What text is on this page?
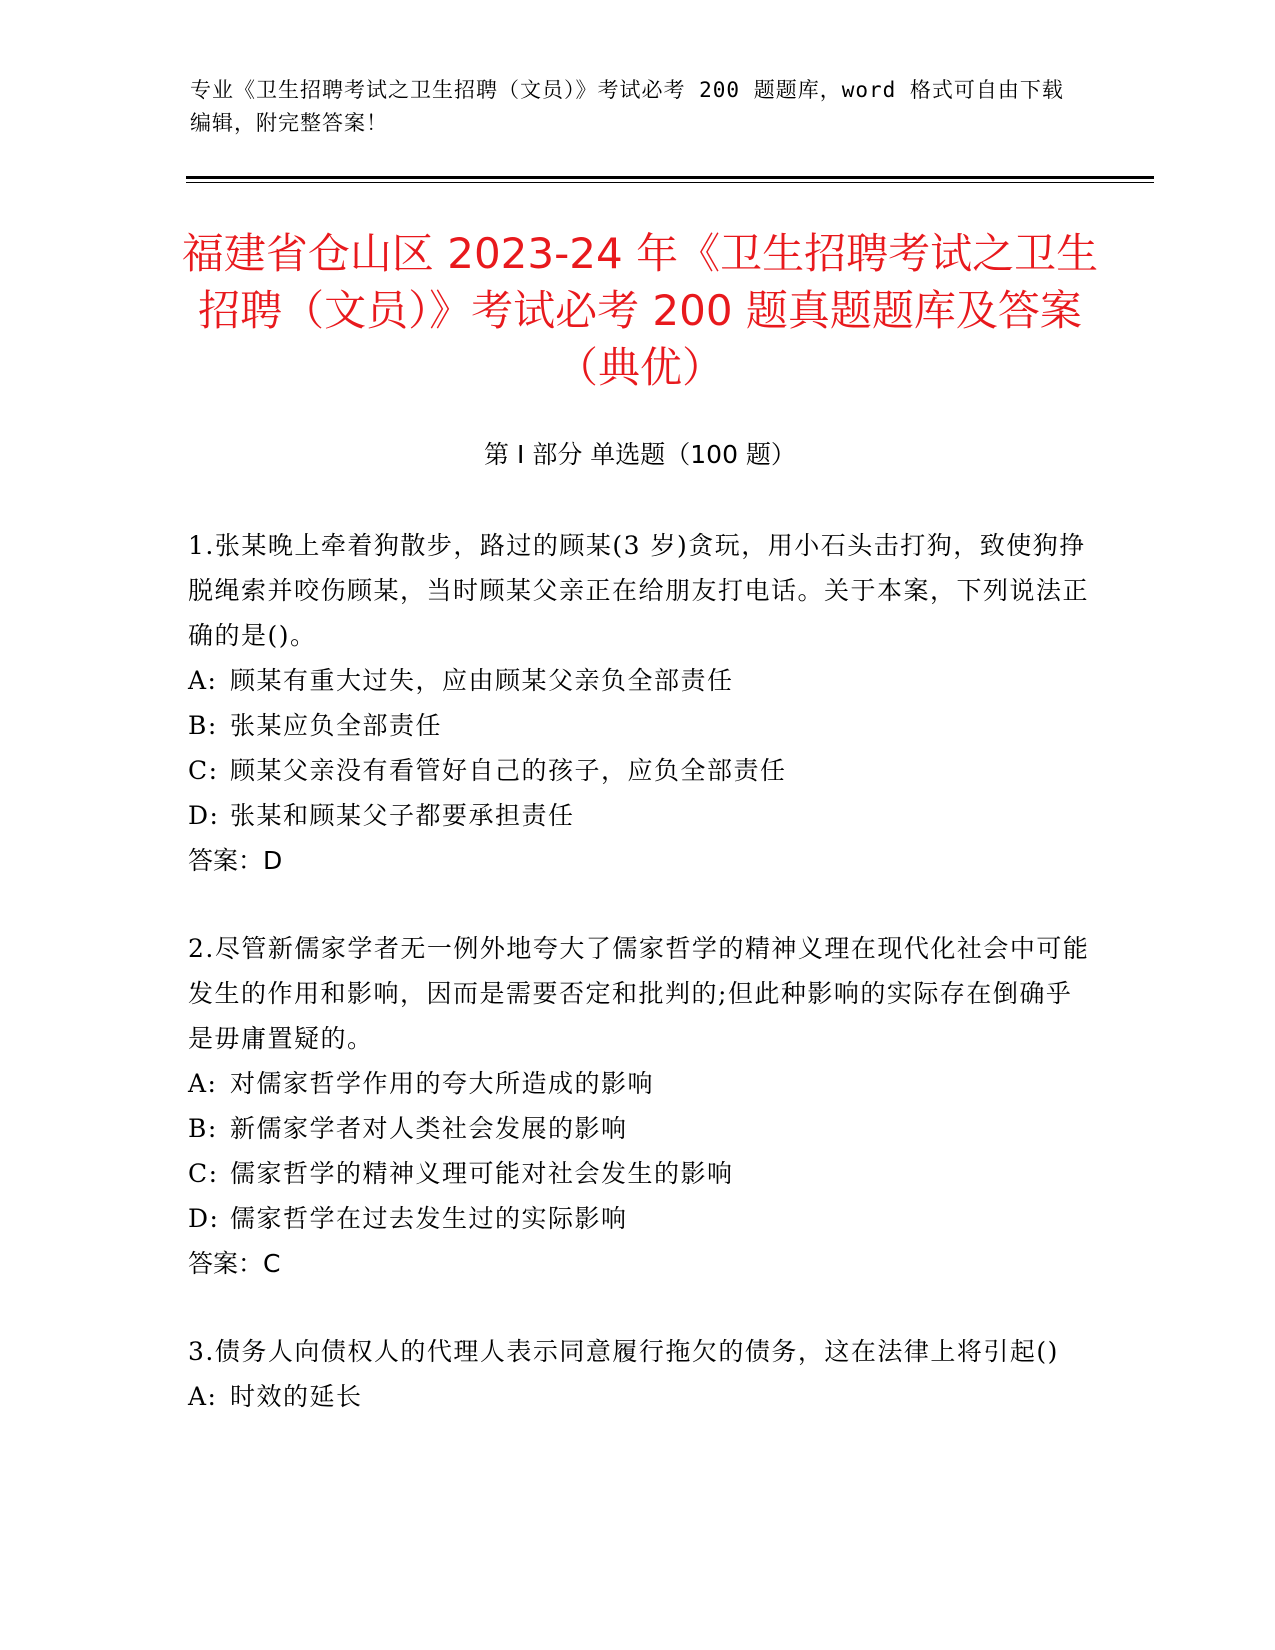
专业《卫生招聘考试之卫生招聘（文员）》考试必考 200 题题库，word 格式可自由下载编辑，附完整答案！
福建省仓山区 2023-24 年《卫生招聘考试之卫生招聘（文员）》考试必考 200 题真题题库及答案（典优）
第 I 部分 单选题（100 题）

1.张某晚上牵着狗散步，路过的顾某(3 岁)贪玩，用小石头击打狗，致使狗挣脱绳索并咬伤顾某，当时顾某父亲正在给朋友打电话。关于本案，下列说法正确的是()。

A: 顾某有重大过失，应由顾某父亲负全部责任

B: 张某应负全部责任

C: 顾某父亲没有看管好自己的孩子，应负全部责任

D: 张某和顾某父子都要承担责任

答案：D

2.尽管新儒家学者无一例外地夸大了儒家哲学的精神义理在现代化社会中可能发生的作用和影响，因而是需要否定和批判的;但此种影响的实际存在倒确乎是毋庸置疑的。

A: 对儒家哲学作用的夸大所造成的影响

B: 新儒家学者对人类社会发展的影响

C: 儒家哲学的精神义理可能对社会发生的影响

D: 儒家哲学在过去发生过的实际影响

答案：C

3.债务人向债权人的代理人表示同意履行拖欠的债务，这在法律上将引起()

A: 时效的延长
